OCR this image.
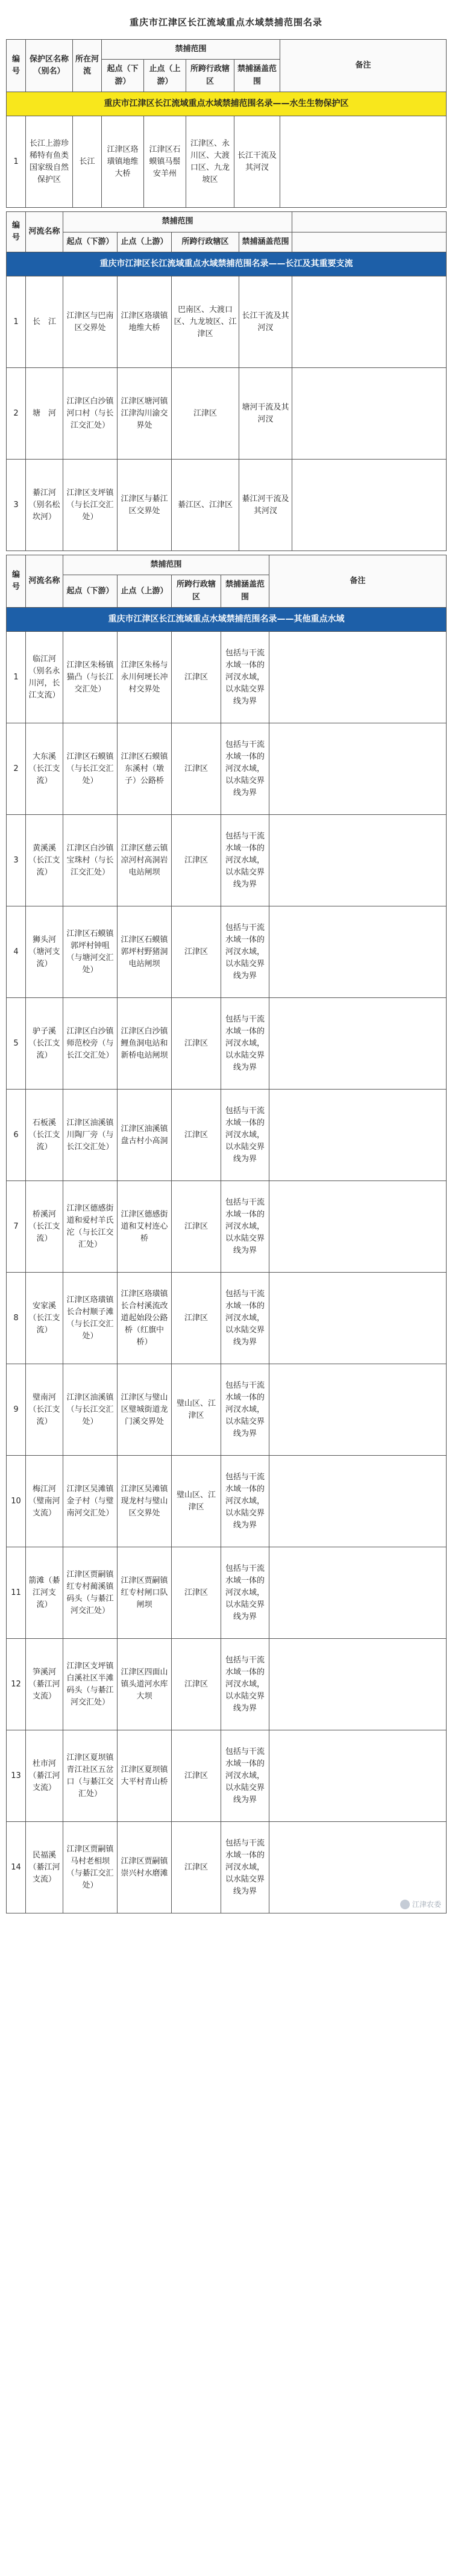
重庆市江津区长江流域重点水域禁捕范围名录
重庆市江津区长江流域重点水域禁捕范围名录——水生生物保护区							
编号	保护区名称（别名）	所在河流	禁捕范围				备注
			起点（下游）	止点（上游）	所跨行政辖区	禁捕涵盖范围	
1	长江上游珍稀特有鱼类国家级自然保护区	长江	江津区珞璜镇地维大桥	江津区石蟆镇马鬃安羊州	江津区、永川区、大渡口区、九龙坡区	长江干流及其河汊	
重庆市江津区长江流域重点水域禁捕范围名录——长江及其重要支流						
编号	河流名称	禁捕范围				
		起点（下游）	止点（上游）	所跨行政辖区	禁捕涵盖范围	
1	长　江	江津区与巴南区交界处	江津区珞璜镇地维大桥	巴南区、大渡口区、九龙坡区、江津区	长江干流及其河汊	
2	塘　河	江津区白沙镇河口村（与长江交汇处）	江津区塘河镇江津沟川渝交界处	江津区	塘河干流及其河汊	
3	綦江河（别名松坎河）	江津区支坪镇（与长江交汇处）	江津区与綦江区交界处	綦江区、江津区	綦江河干流及其河汊	
重庆市江津区长江流域重点水域禁捕范围名录——其他重点水域						
编号	河流名称	禁捕范围				备注
		起点（下游）	止点（上游）	所跨行政辖区	禁捕涵盖范围	
1	临江河（别名永川河，长江支流）	江津区朱杨镇猫凸（与长江交汇处）	江津区朱杨与永川何埂长冲村交界处	江津区	包括与干流水域一体的河汊水域，以水陆交界线为界	
2	大东溪（长江支流）	江津区石蟆镇（与长江交汇处）	江津区石蟆镇东溪村（墩子）公路桥	江津区	包括与干流水域一体的河汊水域，以水陆交界线为界	
3	黄溪溪（长江支流）	江津区白沙镇宝珠村（与长江交汇处）	江津区慈云镇凉河村高洞岩电站闸坝	江津区	包括与干流水域一体的河汊水域，以水陆交界线为界	
4	狮头河（塘河支流）	江津区石蟆镇郭坪村钟咀（与塘河交汇处）	江津区石蟆镇郭坪村野猪洞电站闸坝	江津区	包括与干流水域一体的河汊水域，以水陆交界线为界	
5	驴子溪（长江支流）	江津区白沙镇师范校旁（与长江交汇处）	江津区白沙镇鲤鱼洞电站和新桥电站闸坝	江津区	包括与干流水域一体的河汊水域，以水陆交界线为界	
6	石板溪（长江支流）	江津区油溪镇川陶厂旁（与长江交汇处）	江津区油溪镇盘古村小高洞	江津区	包括与干流水域一体的河汊水域，以水陆交界线为界	
7	桥溪河（长江支流）	江津区德感街道和爱村羊氏沱（与长江交汇处）	江津区德感街道和艾村连心桥	江津区	包括与干流水域一体的河汊水域，以水陆交界线为界	
8	安家溪（长江支流）	江津区珞璜镇长合村顺子滩（与长江交汇处）	江津区珞璜镇长合村溪流改道起始段公路桥（红旗中桥）	江津区	包括与干流水域一体的河汊水域，以水陆交界线为界	
9	璧南河（长江支流）	江津区油溪镇（与长江交汇处）	江津区与璧山区璧城街道龙门溪交界处	璧山区、江津区	包括与干流水域一体的河汊水域，以水陆交界线为界	
10	梅江河（璧南河支流）	江津区吴滩镇金子村（与璧南河交汇处）	江津区吴滩镇现龙村与璧山区交界处	璧山区、江津区	包括与干流水域一体的河汊水域，以水陆交界线为界	
11	箭滩（綦江河支流）	江津区贾嗣镇红专村蔺溪镇码头（与綦江河交汇处）	江津区贾嗣镇红专村闸口队闸坝	江津区	包括与干流水域一体的河汊水域，以水陆交界线为界	
12	笋溪河（綦江河支流）	江津区支坪镇白溪社区半滩码头（与綦江河交汇处）	江津区四面山镇头道河水库大坝	江津区	包括与干流水域一体的河汊水域，以水陆交界线为界	
13	杜市河（綦江河支流）	江津区夏坝镇青江社区五岔口（与綦江交汇处）	江津区夏坝镇大平村青山桥	江津区	包括与干流水域一体的河汊水域，以水陆交界线为界	
14	民福溪（綦江河支流）	江津区贾嗣镇马村老相坝（与綦江交汇处）	江津区贾嗣镇崇兴村水磨滩	江津区	包括与干流水域一体的河汊水域，以水陆交界线为界	
江津农委
